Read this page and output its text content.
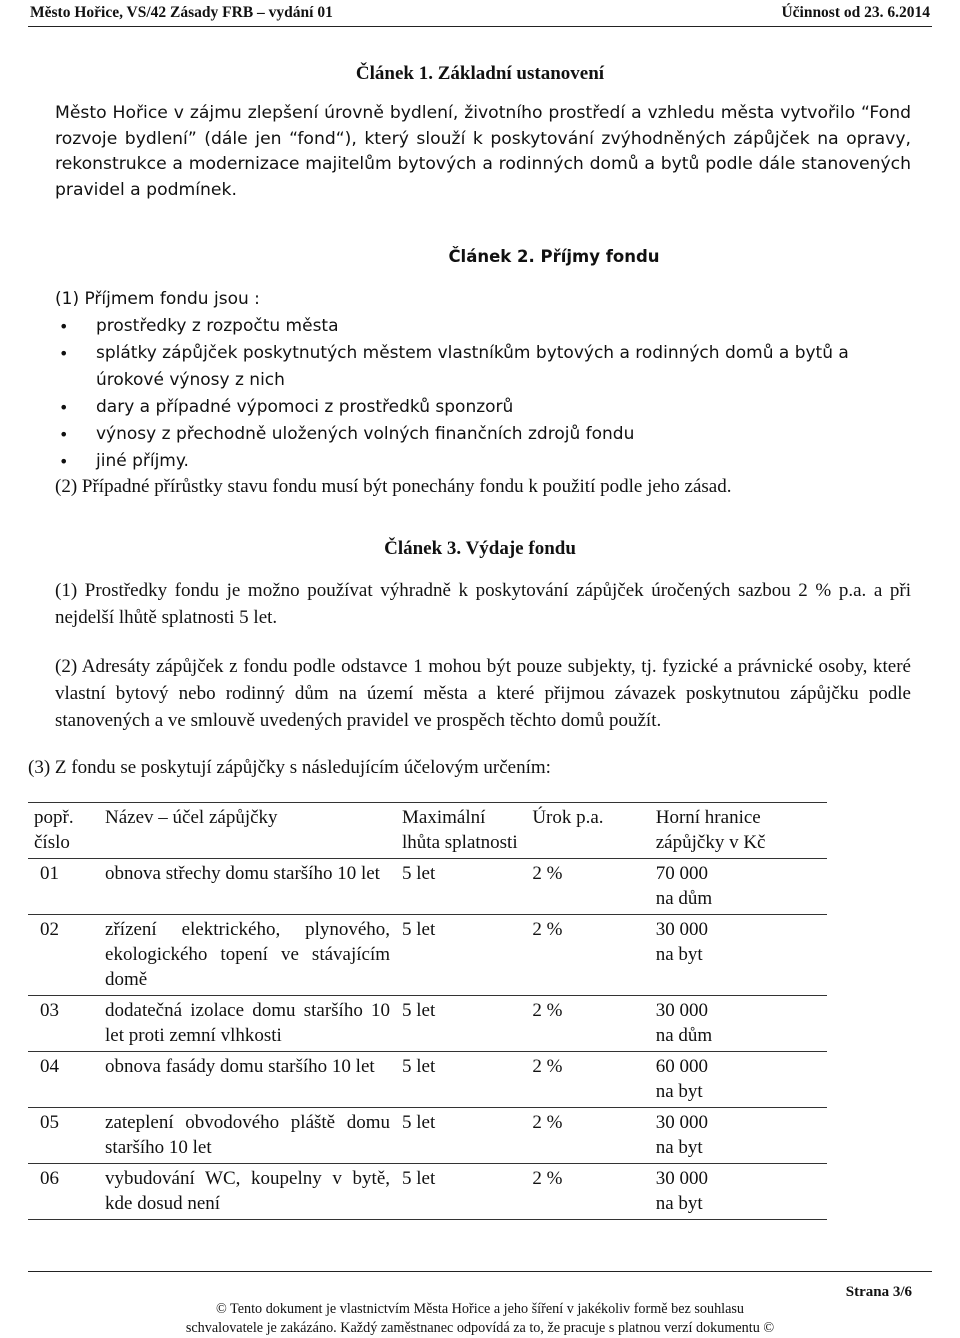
Město Hořice, VS/42 Zásady FRB – vydání 01	Účinnost od 23. 6.2014
Článek 1. Základní ustanovení

Město Hořice v zájmu zlepšení úrovně bydlení, životního prostředí a vzhledu města vytvořilo “Fond rozvoje bydlení” (dále jen “fond“), který slouží k poskytování zvýhodněných zápůjček na opravy, rekonstrukce a modernizace majitelům bytových a rodinných domů a bytů podle dále stanovených pravidel a podmínek.

Článek 2. Příjmy fondu

(1) Příjmem fondu jsou :

• prostředky z rozpočtu města
• splátky zápůjček poskytnutých městem vlastníkům bytových a rodinných domů a bytů a úrokové výnosy z nich
• dary a případné výpomoci z prostředků sponzorů
• výnosy z přechodně uložených volných finančních zdrojů fondu
• jiné příjmy.

(2) Případné přírůstky stavu fondu musí být ponechány fondu k použití podle jeho zásad.

Článek 3. Výdaje fondu

(1) Prostředky fondu je možno používat výhradně k poskytování zápůjček úročených sazbou 2 % p.a. a při nejdelší lhůtě splatnosti 5 let.

(2) Adresáty zápůjček z fondu podle odstavce 1 mohou být pouze subjekty, tj. fyzické a právnické osoby, které vlastní bytový nebo rodinný dům na území města a které přijmou závazek poskytnutou zápůjčku podle stanovených a ve smlouvě uvedených pravidel ve prospěch těchto domů použít.

(3) Z fondu se poskytují zápůjčky s následujícím účelovým určením:

popř. číslo	Název – účel zápůjčky	Maximální lhůta splatnosti	Úrok p.a.	Horní hranice zápůjčky v Kč
01	obnova střechy domu staršího 10 let	5 let	2 %	70 000
na dům
02	zřízení elektrického, plynového, ekologického topení ve stávajícím domě	5 let	2 %	30 000
na byt
03	dodatečná izolace domu staršího 10 let proti zemní vlhkosti	5 let	2 %	30 000
na dům
04	obnova fasády domu staršího 10 let	5 let	2 %	60 000
na byt
05	zateplení obvodového pláště domu staršího 10 let	5 let	2 %	30 000
na byt
06	vybudování WC, koupelny v bytě, kde dosud není	5 let	2 %	30 000
na byt
Strana 3/6
© Tento dokument je vlastnictvím Města Hořice a jeho šíření v jakékoliv formě bez souhlasu
schvalovatele je zakázáno. Každý zaměstnanec odpovídá za to, že pracuje s platnou verzí dokumentu ©
